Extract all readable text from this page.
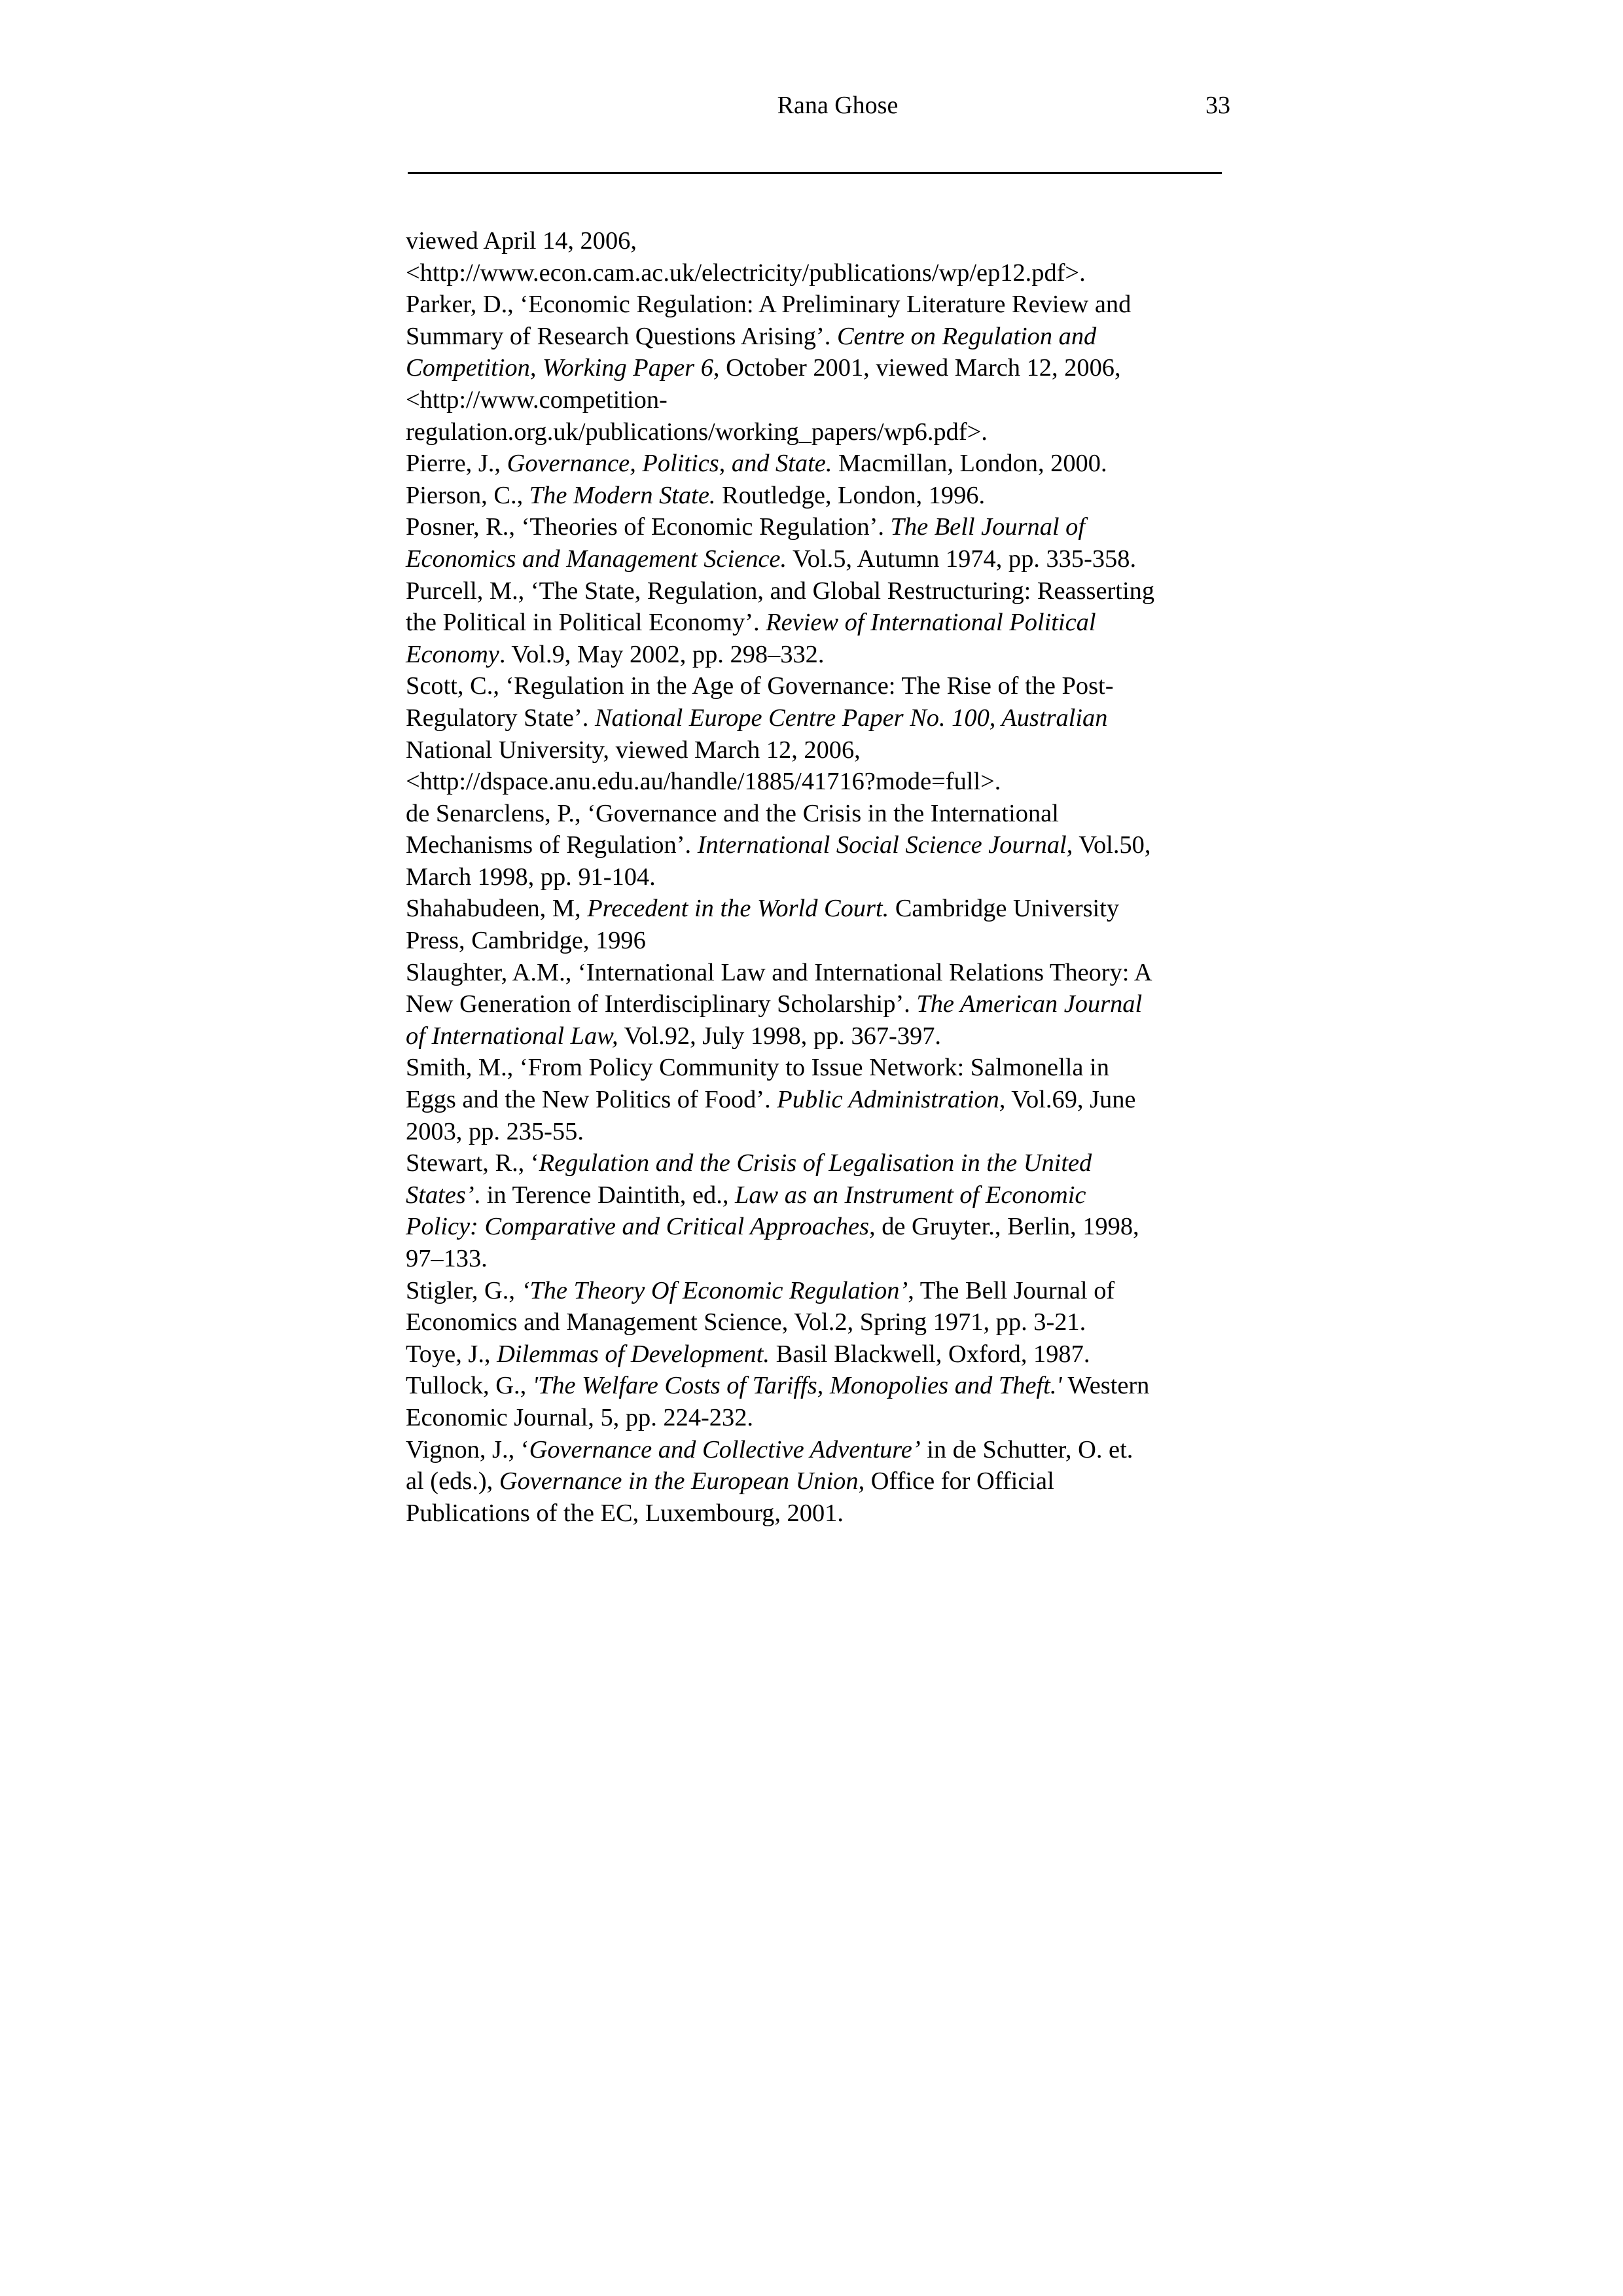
Rana Ghose	33
viewed April 14, 2006,
<http://www.econ.cam.ac.uk/electricity/publications/wp/ep12.pdf>.
Parker, D., ‘Economic Regulation: A Preliminary Literature Review and
Summary of Research Questions Arising’. Centre on Regulation and
Competition, Working Paper 6, October 2001, viewed March 12, 2006,
<http://www.competition-
regulation.org.uk/publications/working_papers/wp6.pdf>.
Pierre, J., Governance, Politics, and State. Macmillan, London, 2000.
Pierson, C., The Modern State. Routledge, London, 1996.
Posner, R., ‘Theories of Economic Regulation’. The Bell Journal of
Economics and Management Science. Vol.5, Autumn 1974, pp. 335-358.
Purcell, M., ‘The State, Regulation, and Global Restructuring: Reasserting
the Political in Political Economy’. Review of International Political
Economy. Vol.9, May 2002, pp. 298–332.
Scott, C., ‘Regulation in the Age of Governance: The Rise of the Post-
Regulatory State’. National Europe Centre Paper No. 100, Australian
National University, viewed March 12, 2006,
<http://dspace.anu.edu.au/handle/1885/41716?mode=full>.
de Senarclens, P., ‘Governance and the Crisis in the International
Mechanisms of Regulation’. International Social Science Journal, Vol.50,
March 1998, pp. 91-104.
Shahabudeen, M, Precedent in the World Court. Cambridge University
Press, Cambridge, 1996
Slaughter, A.M., ‘International Law and International Relations Theory: A
New Generation of Interdisciplinary Scholarship’. The American Journal
of International Law, Vol.92, July 1998, pp. 367-397.
Smith, M., ‘From Policy Community to Issue Network: Salmonella in
Eggs and the New Politics of Food’. Public Administration, Vol.69, June
2003, pp. 235-55.
Stewart, R., ‘Regulation and the Crisis of Legalisation in the United
States’. in Terence Daintith, ed., Law as an Instrument of Economic
Policy: Comparative and Critical Approaches, de Gruyter., Berlin, 1998,
97–133.
Stigler, G., ‘The Theory Of Economic Regulation’, The Bell Journal of
Economics and Management Science, Vol.2, Spring 1971, pp. 3-21.
Toye, J., Dilemmas of Development. Basil Blackwell, Oxford, 1987.
Tullock, G., 'The Welfare Costs of Tariffs, Monopolies and Theft.' Western
Economic Journal, 5, pp. 224-232.
Vignon, J., ‘Governance and Collective Adventure’ in de Schutter, O. et.
al (eds.), Governance in the European Union, Office for Official
Publications of the EC, Luxembourg, 2001.
